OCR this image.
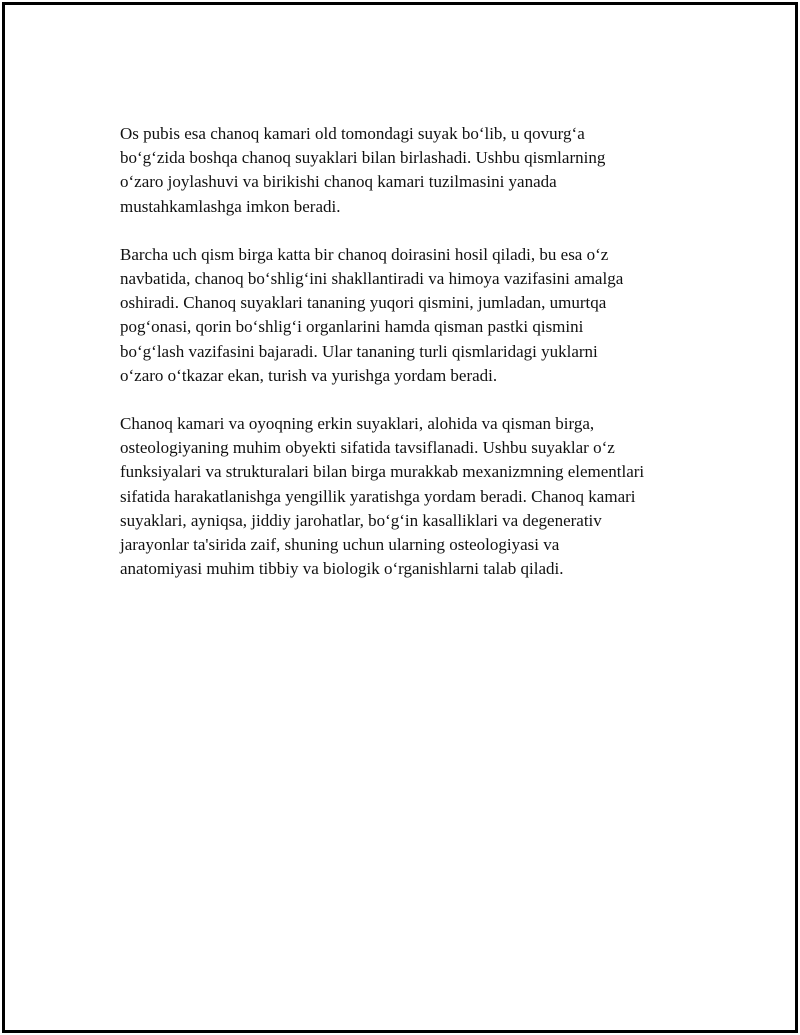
Os pubis esa chanoq kamari old tomondagi suyak bo‘lib, u qovurg‘a
bo‘g‘zida boshqa chanoq suyaklari bilan birlashadi. Ushbu qismlarning
o‘zaro joylashuvi va birikishi chanoq kamari tuzilmasini yanada
mustahkamlashga imkon beradi.

Barcha uch qism birga katta bir chanoq doirasini hosil qiladi, bu esa o‘z
navbatida, chanoq bo‘shlig‘ini shakllantiradi va himoya vazifasini amalga
oshiradi. Chanoq suyaklari tananing yuqori qismini, jumladan, umurtqa
pog‘onasi, qorin bo‘shlig‘i organlarini hamda qisman pastki qismini
bo‘g‘lash vazifasini bajaradi. Ular tananing turli qismlaridagi yuklarni
o‘zaro o‘tkazar ekan, turish va yurishga yordam beradi.

Chanoq kamari va oyoqning erkin suyaklari, alohida va qisman birga,
osteologiyaning muhim obyekti sifatida tavsiflanadi. Ushbu suyaklar o‘z
funksiyalari va strukturalari bilan birga murakkab mexanizmning elementlari
sifatida harakatlanishga yengillik yaratishga yordam beradi. Chanoq kamari
suyaklari, ayniqsa, jiddiy jarohatlar, bo‘g‘in kasalliklari va degenerativ
jarayonlar ta'sirida zaif, shuning uchun ularning osteologiyasi va
anatomiyasi muhim tibbiy va biologik o‘rganishlarni talab qiladi.
